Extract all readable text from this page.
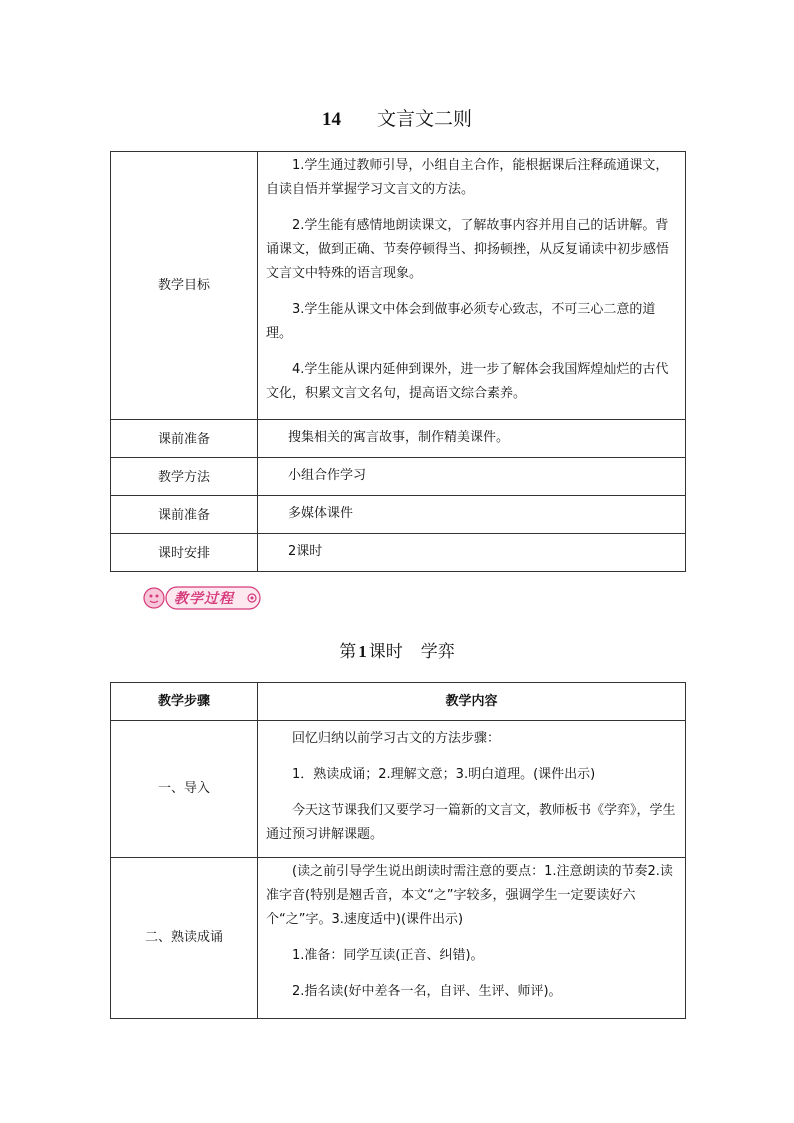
14 文言文二则
教学目标	1.学生通过教师引导，小组自主合作，能根据课后注释疏通课文，自读自悟并掌握学习文言文的方法。

2.学生能有感情地朗读课文，了解故事内容并用自己的话讲解。背诵课文，做到正确、节奏停顿得当、抑扬顿挫，从反复诵读中初步感悟文言文中特殊的语言现象。

3.学生能从课文中体会到做事必须专心致志，不可三心二意的道理。

4.学生能从课内延伸到课外，进一步了解体会我国辉煌灿烂的古代文化，积累文言文名句，提高语文综合素养。

课前准备	搜集相关的寓言故事，制作精美课件。
教学方法	小组合作学习
课前准备	多媒体课件
课时安排	2课时
教学过程
第 1 课时 学弈
教学步骤	教学内容
一、导入	回忆归纳以前学习古文的方法步骤：

1．熟读成诵；2.理解文意；3.明白道理。(课件出示)

今天这节课我们又要学习一篇新的文言文，教师板书《学弈》，学生通过预习讲解课题。

二、熟读成诵	(读之前引导学生说出朗读时需注意的要点：1.注意朗读的节奏2.读准字音(特别是翘舌音，本文“之”字较多，强调学生一定要读好六个“之”字。3.速度适中)(课件出示)

1.准备：同学互读(正音、纠错)。

2.指名读(好中差各一名，自评、生评、师评)。
